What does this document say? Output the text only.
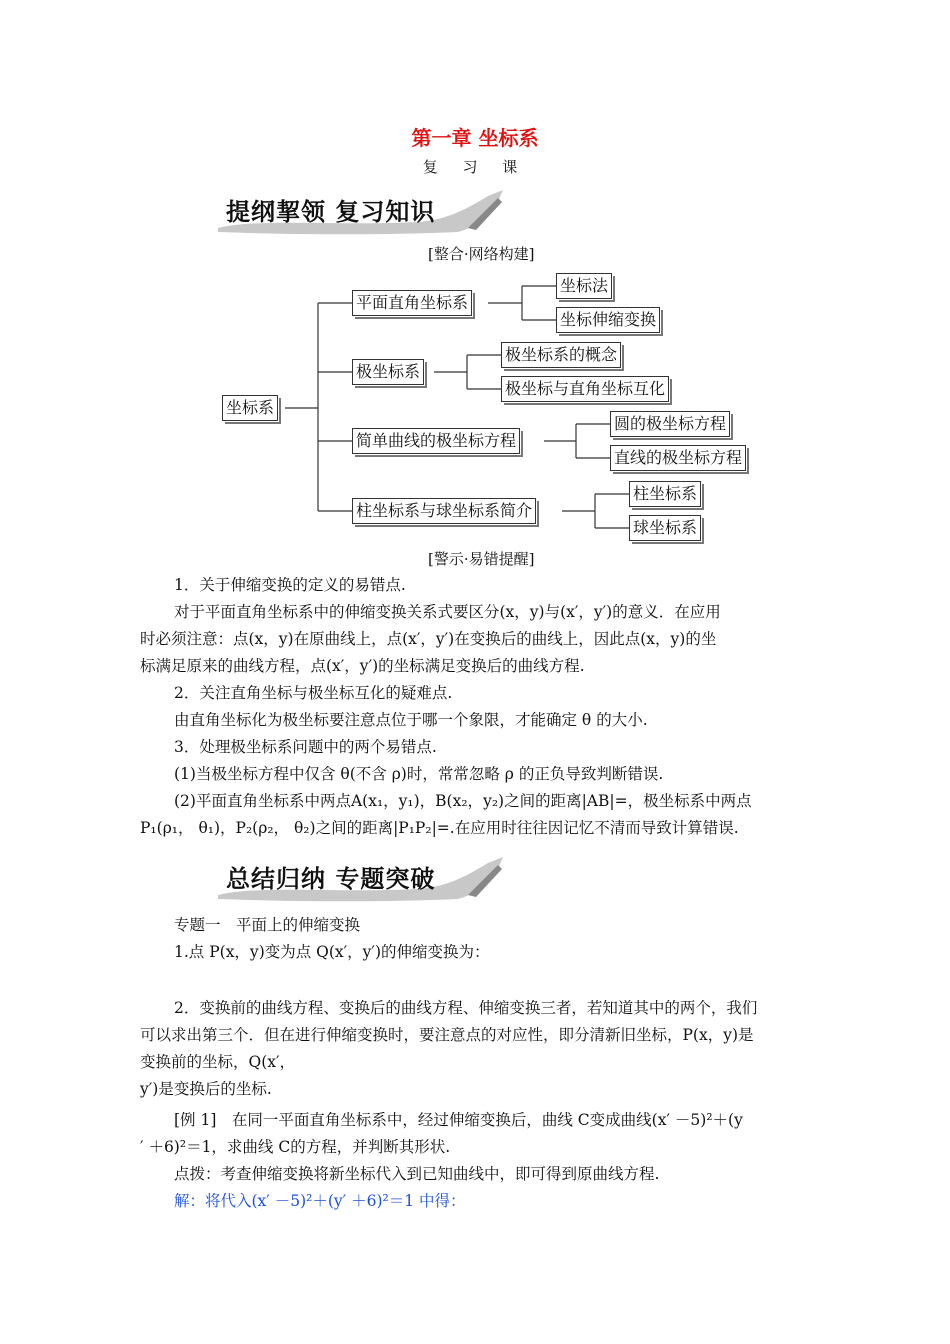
第一章 坐标系
复 习 课
提纲挈领 复习知识
[整合·网络构建]
坐标系
平面直角坐标系
坐标法
坐标伸缩变换
极坐标系
极坐标系的概念
极坐标与直角坐标互化
简单曲线的极坐标方程
圆的极坐标方程
直线的极坐标方程
柱坐标系与球坐标系简介
柱坐标系
球坐标系
[警示·易错提醒]
1．关于伸缩变换的定义的易错点.
对于平面直角坐标系中的伸缩变换关系式要区分(x，y)与(x′，y′)的意义．在应用
时必须注意：点(x，y)在原曲线上，点(x′，y′)在变换后的曲线上，因此点(x，y)的坐
标满足原来的曲线方程，点(x′，y′)的坐标满足变换后的曲线方程.
2．关注直角坐标与极坐标互化的疑难点.
由直角坐标化为极坐标要注意点位于哪一个象限，才能确定 θ 的大小.
3．处理极坐标系问题中的两个易错点.
(1)当极坐标方程中仅含 θ(不含 ρ)时，常常忽略 ρ 的正负导致判断错误.
(2)平面直角坐标系中两点A(x₁，y₁)，B(x₂，y₂)之间的距离|AB|=，极坐标系中两点
P₁(ρ₁， θ₁)，P₂(ρ₂， θ₂)之间的距离|P₁P₂|=.在应用时往往因记忆不清而导致计算错误.
总结归纳 专题突破
专题一　平面上的伸缩变换
1.点 P(x，y)变为点 Q(x′，y′)的伸缩变换为：
2．变换前的曲线方程、变换后的曲线方程、伸缩变换三者，若知道其中的两个，我们
可以求出第三个．但在进行伸缩变换时，要注意点的对应性，即分清新旧坐标，P(x，y)是
变换前的坐标，Q(x′，
y′)是变换后的坐标.
[例 1]　在同一平面直角坐标系中，经过伸缩变换后，曲线 C变成曲线(x′ －5)²＋(y
′ ＋6)²＝1，求曲线 C的方程，并判断其形状.
点拨：考查伸缩变换将新坐标代入到已知曲线中，即可得到原曲线方程.
解：将代入(x′ －5)²＋(y′ ＋6)²＝1 中得：
